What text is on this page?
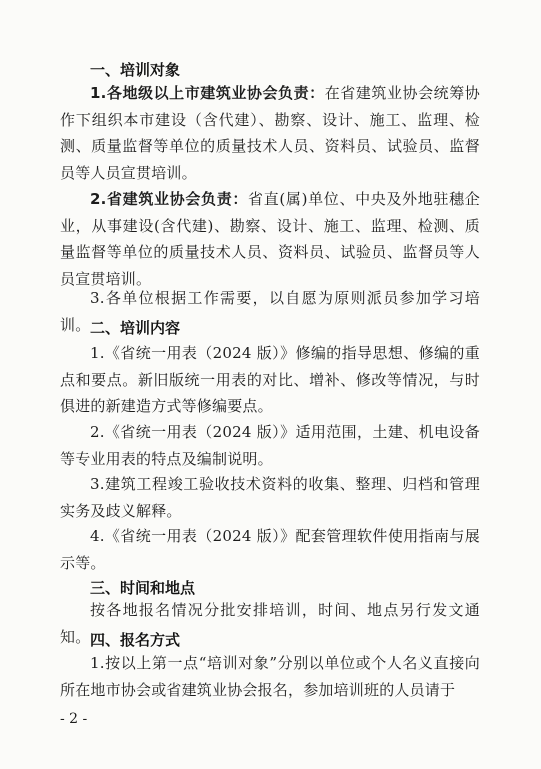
一、培训对象

1.各地级以上市建筑业协会负责：在省建筑业协会统筹协作下组织本市建设（含代建）、勘察、设计、施工、监理、检测、质量监督等单位的质量技术人员、资料员、试验员、监督员等人员宣贯培训。

2.省建筑业协会负责：省直(属)单位、中央及外地驻穗企业，从事建设(含代建)、勘察、设计、施工、监理、检测、质量监督等单位的质量技术人员、资料员、试验员、监督员等人员宣贯培训。

3.各单位根据工作需要，以自愿为原则派员参加学习培训。 二、培训内容

1.《省统一用表（2024 版）》修编的指导思想、修编的重点和要点。新旧版统一用表的对比、增补、修改等情况，与时俱进的新建造方式等修编要点。

2.《省统一用表（2024 版）》适用范围，土建、机电设备等专业用表的特点及编制说明。

3.建筑工程竣工验收技术资料的收集、整理、归档和管理实务及歧义解释。

4.《省统一用表（2024 版）》配套管理软件使用指南与展示等。

三、时间和地点

按各地报名情况分批安排培训，时间、地点另行发文通知。 四、报名方式

1.按以上第一点“培训对象”分别以单位或个人名义直接向所在地市协会或省建筑业协会报名，参加培训班的人员请于

- 2 -
